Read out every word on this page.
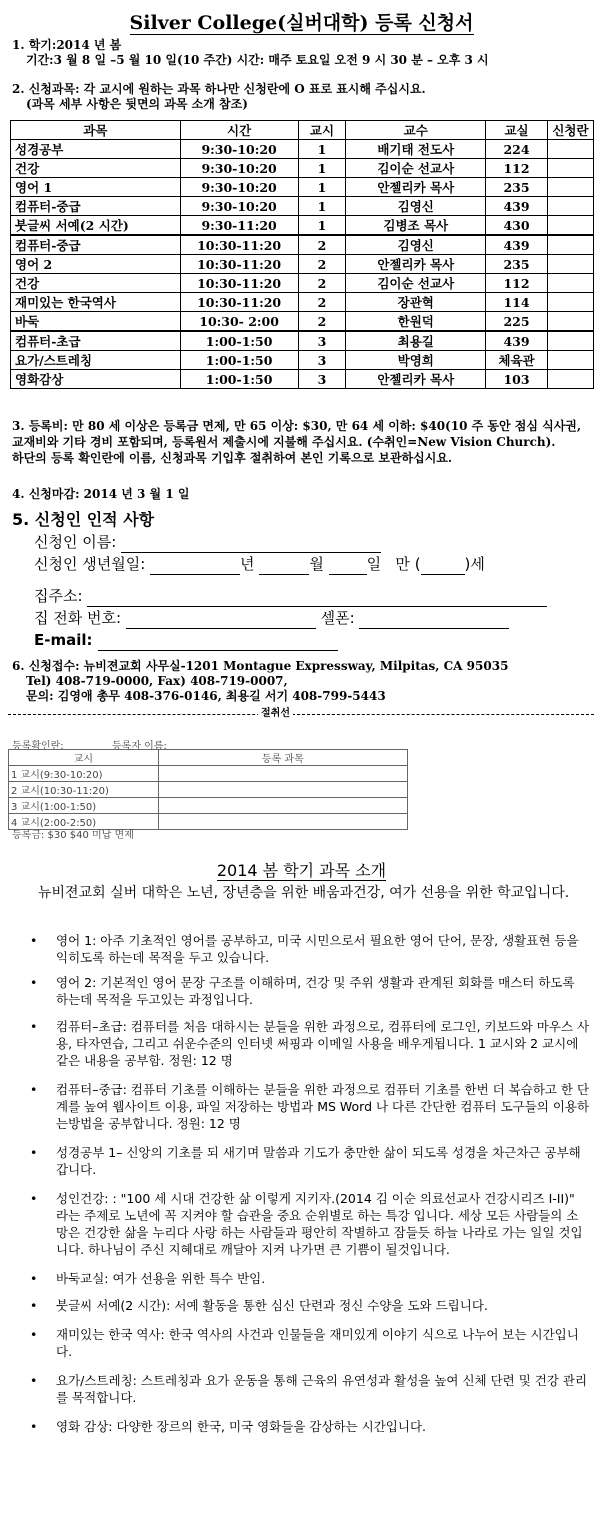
Silver College(실버대학) 등록 신청서
1. 학기:2014 년 봄
기간:3 월 8 일 –5 월 10 일(10 주간) 시간: 매주 토요일 오전 9 시 30 분 – 오후 3 시
2. 신청과목: 각 교시에 원하는 과목 하나만 신청란에 O 표로 표시해 주십시요.
(과목 세부 사항은 뒷면의 과목 소개 참조)
과목	시간	교시	교수	교실	신청란
성경공부	9:30-10:20	1	배기태 전도사	224	
건강	9:30-10:20	1	김이순 선교사	112	
영어 1	9:30-10:20	1	안젤리카 목사	235	
컴퓨터-중급	9:30-10:20	1	김영신	439	
붓글씨 서예(2 시간)	9:30-11:20	1	김병조 목사	430	
컴퓨터-중급	10:30-11:20	2	김영신	439	
영어 2	10:30-11:20	2	안젤리카 목사	235	
건강	10:30-11:20	2	김이순 선교사	112	
재미있는 한국역사	10:30-11:20	2	장관혁	114	
바둑	10:30- 2:00	2	한원덕	225	
컴퓨터-초급	1:00-1:50	3	최용길	439	
요가/스트레칭	1:00-1:50	3	박영희	체육관	
영화감상	1:00-1:50	3	안젤리카 목사	103	
3. 등록비: 만 80 세 이상은 등록금 면제, 만 65 이상: $30, 만 64 세 이하: $40(10 주 동안 점심 식사권,
교재비와 기타 경비 포함되며, 등록원서 제출시에 지불해 주십시요. (수취인=New Vision Church).
하단의 등록 확인란에 이름, 신청과목 기입후 절취하여 본인 기록으로 보관하십시요.
4. 신청마감: 2014 년 3 월 1 일
5. 신청인 인적 사항
신청인 이름:
신청인 생년월일:	년	월	일 만 (	)세
집주소:
집 전화 번호:	셀폰:
E-mail:
6. 신청접수: 뉴비젼교회 사무실-1201 Montague Expressway, Milpitas, CA 95035
Tel) 408-719-0000, Fax) 408-719-0007,
문의: 김영애 총무 408-376-0146, 최용길 서기 408-799-5443
절취선
등록확인란:	등록자 이름:
교시	등록 과목
1 교시(9:30-10:20)	
2 교시(10:30-11:20)	
3 교시(1:00-1:50)	
4 교시(2:00-2:50)	
등록금: $30 $40 미납 면제
2014 봄 학기 과목 소개
뉴비젼교회 실버 대학은 노년, 장년층을 위한 배움과건강, 여가 선용을 위한 학교입니다.
• 영어 1: 아주 기초적인 영어를 공부하고, 미국 시민으로서 필요한 영어 단어, 문장, 생활표현 등을 익히도록 하는데 목적을 두고 있습니다.
• 영어 2: 기본적인 영어 문장 구조를 이해하며, 건강 및 주위 생활과 관계된 회화를 매스터 하도록 하는데 목적을 두고있는 과정입니다.
• 컴퓨터–초급: 컴퓨터를 처음 대하시는 분들을 위한 과정으로, 컴퓨터에 로그인, 키보드와 마우스 사용, 타자연습, 그리고 쉬운수준의 인터넷 써핑과 이메일 사용을 배우게됩니다. 1 교시와 2 교시에 같은 내용을 공부함. 정원: 12 명
• 컴퓨터–중급: 컴퓨터 기초를 이해하는 분들을 위한 과정으로 컴퓨터 기초를 한번 더 복습하고 한 단계를 높여 웹사이트 이용, 파일 저장하는 방법과 MS Word 나 다른 간단한 컴퓨터 도구들의 이용하는방법을 공부합니다. 정원: 12 명
• 성경공부 1– 신앙의 기초를 되 새기며 말씀과 기도가 충만한 삶이 되도록 성경을 차근차근 공부해갑니다.
• 성인건강: : "100 세 시대 건강한 삶 이렇게 지키자.(2014 김 이순 의료선교사 건강시리즈 I-II)" 라는 주제로 노년에 꼭 지켜야 할 습관을 중요 순위별로 하는 특강 입니다. 세상 모든 사람들의 소망은 건강한 삶을 누리다 사랑 하는 사람들과 평안히 작별하고 잠들듯 하늘 나라로 가는 일일 것입니다. 하나님이 주신 지혜대로 깨달아 지켜 나가면 큰 기쁨이 될것입니다.
• 바둑교실: 여가 선용을 위한 특수 반임.
• 붓글씨 서예(2 시간): 서예 활동을 통한 심신 단련과 정신 수양을 도와 드립니다.
• 재미있는 한국 역사: 한국 역사의 사건과 인물들을 재미있게 이야기 식으로 나누어 보는 시간입니다.
• 요가/스트레칭: 스트레칭과 요가 운동을 통해 근육의 유연성과 활성을 높여 신체 단련 및 건강 관리를 목적합니다.
• 영화 감상: 다양한 장르의 한국, 미국 영화들을 감상하는 시간입니다.
